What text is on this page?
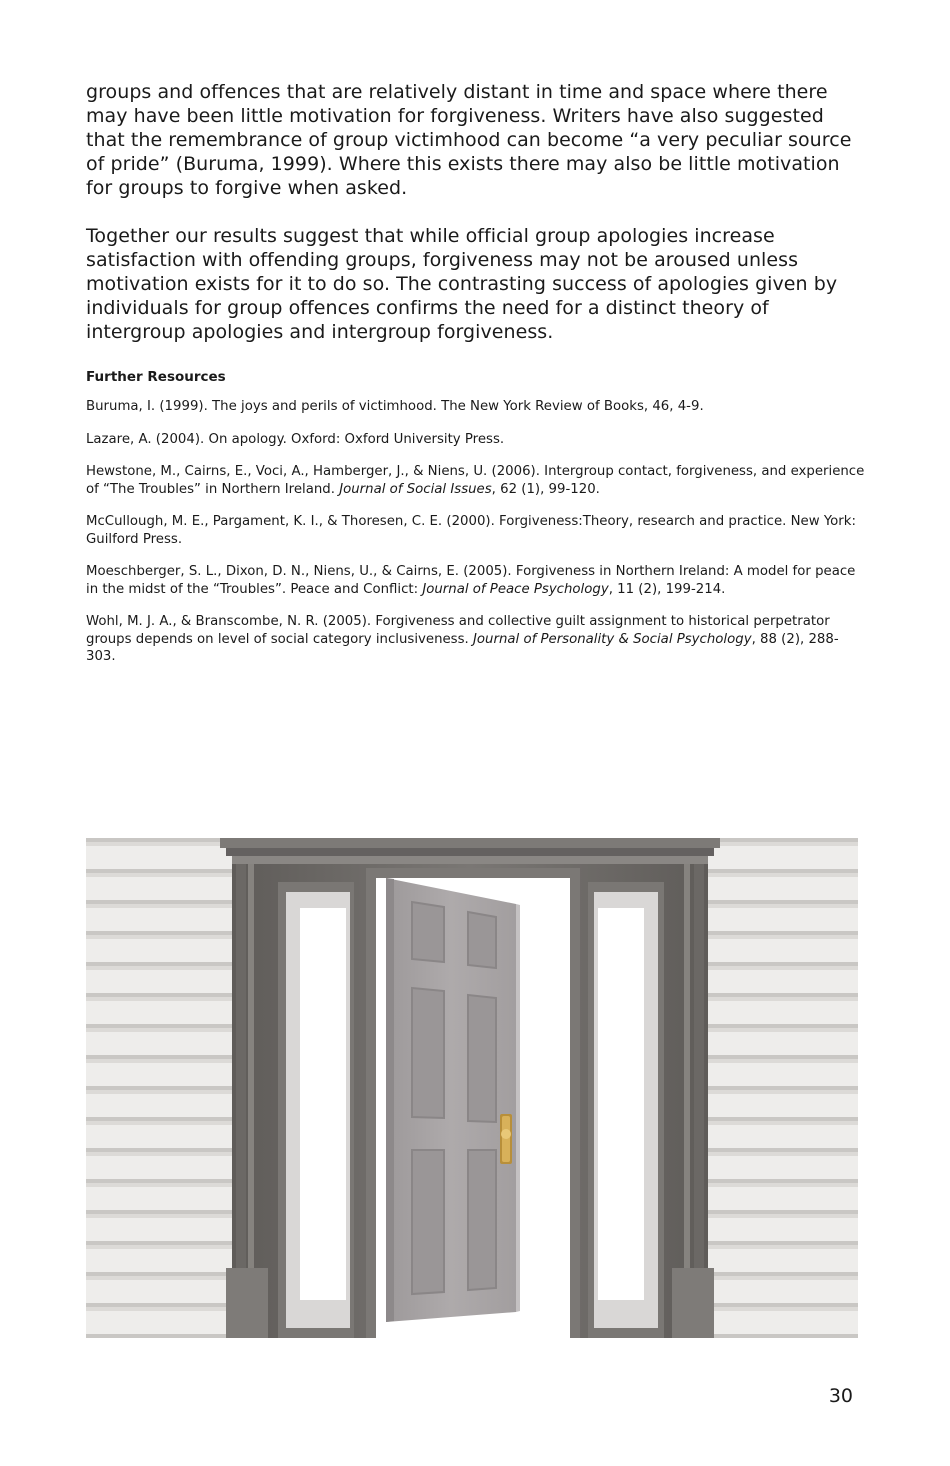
groups and offences that are relatively distant in time and space where there may have been little motivation for forgiveness. Writers have also suggested that the remembrance of group victimhood can become “a very peculiar source of pride” (Buruma, 1999). Where this exists there may also be little motivation for groups to forgive when asked.

Together our results suggest that while official group apologies increase satisfaction with offending groups, forgiveness may not be aroused unless motivation exists for it to do so. The contrasting success of apologies given by individuals for group offences confirms the need for a distinct theory of intergroup apologies and intergroup forgiveness.

Further Resources

Buruma, I. (1999). The joys and perils of victimhood. The New York Review of Books, 46, 4-9.

Lazare, A. (2004). On apology. Oxford: Oxford University Press.

Hewstone, M., Cairns, E., Voci, A., Hamberger, J., & Niens, U. (2006). Intergroup contact, forgiveness, and experience of “The Troubles” in Northern Ireland. Journal of Social Issues, 62 (1), 99-120.

McCullough, M. E., Pargament, K. I., & Thoresen, C. E. (2000). Forgiveness:Theory, research and practice. New York: Guilford Press.

Moeschberger, S. L., Dixon, D. N., Niens, U., & Cairns, E. (2005). Forgiveness in Northern Ireland: A model for peace in the midst of the “Troubles”. Peace and Conflict: Journal of Peace Psychology, 11 (2), 199-214.

Wohl, M. J. A., & Branscombe, N. R. (2005). Forgiveness and collective guilt assignment to historical perpetrator groups depends on level of social category inclusiveness. Journal of Personality & Social Psychology, 88 (2), 288-303.

30
